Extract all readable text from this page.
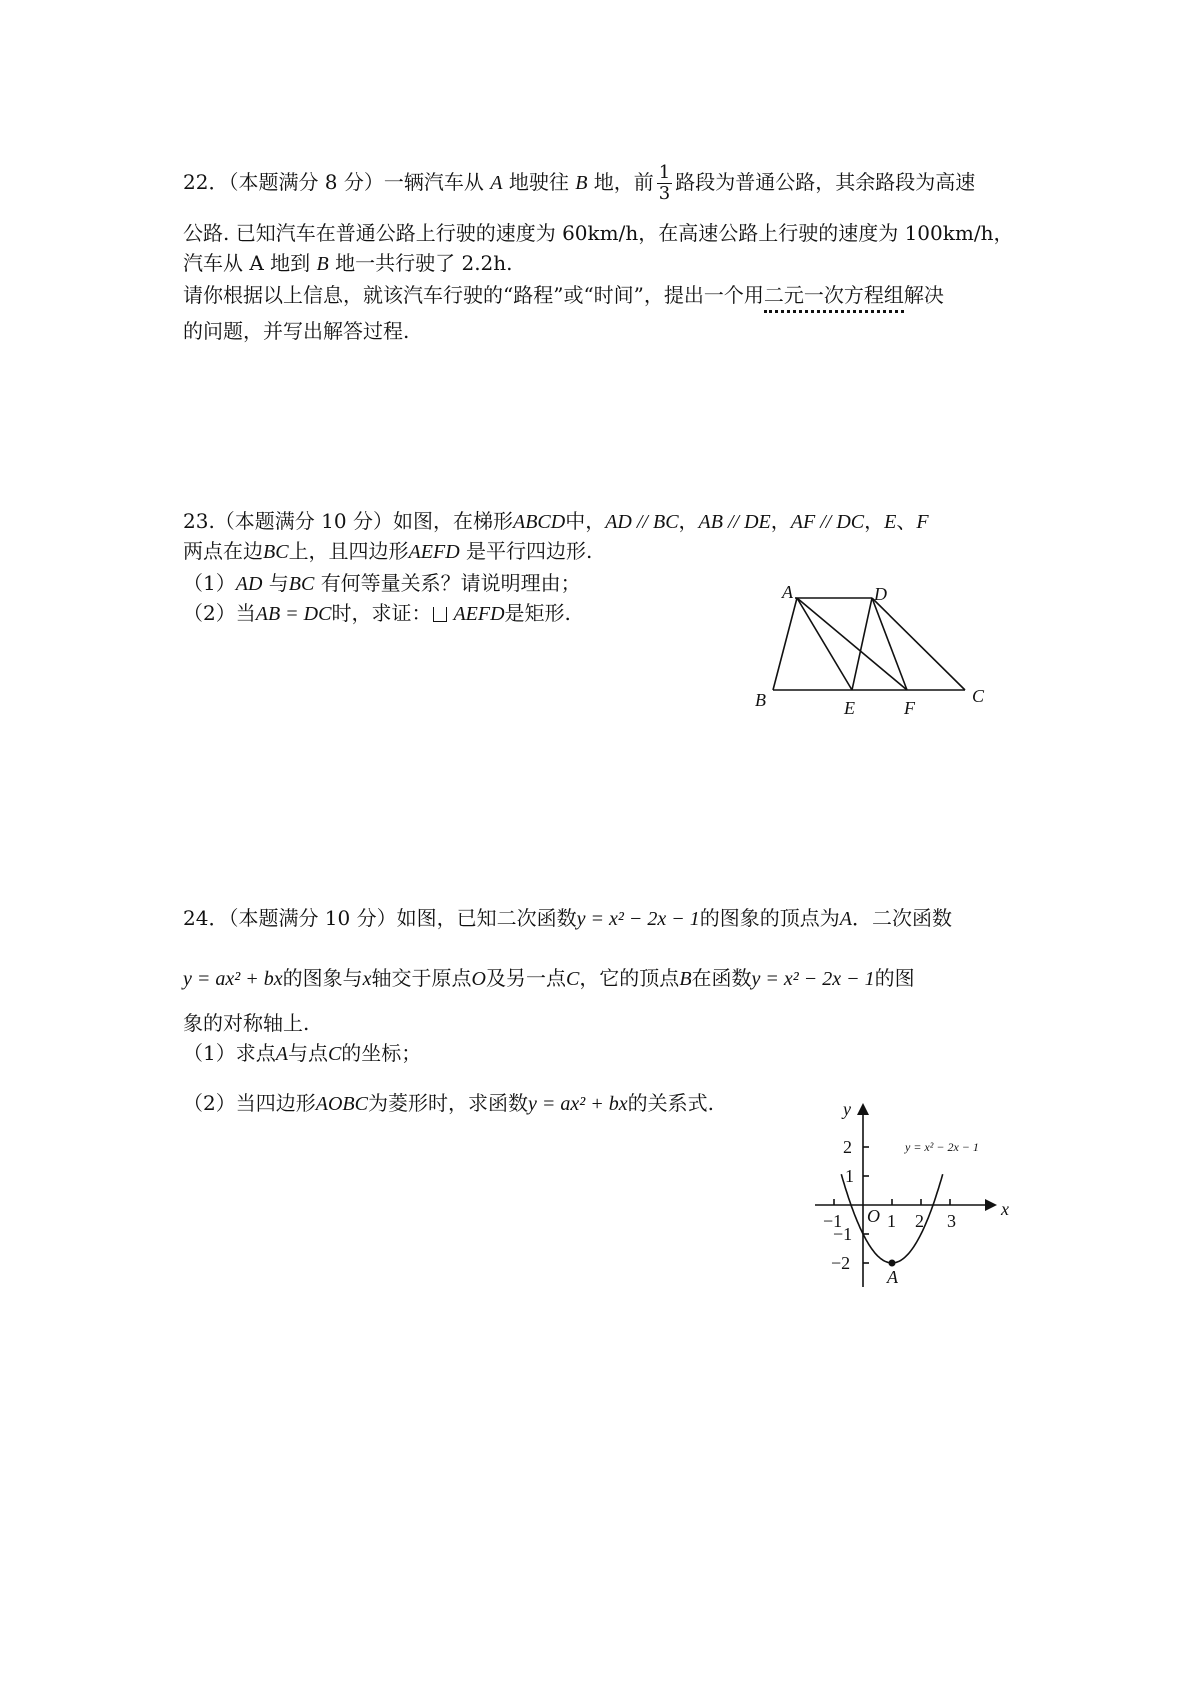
22．（本题满分 8 分）一辆汽车从 A 地驶往 B 地，前 $\frac{1}{3}$ 路段为普通公路，其余路段为高速
公路. 已知汽车在普通公路上行驶的速度为 60km/h，在高速公路上行驶的速度为 100km/h，
汽车从 A 地到 B 地一共行驶了 2.2h.
请你根据以上信息，就该汽车行驶的“路程”或“时间”，提出一个用二元一次方程组解决
的问题，并写出解答过程.
23.（本题满分 10 分）如图，在梯形ABCD中，AD // BC，AB // DE，AF // DC，E、F
两点在边BC上，且四边形AEFD 是平行四边形.
（1）AD 与BC 有何等量关系？请说明理由；
（2）当AB = DC时，求证： AEFD是矩形.
A	D
B	E	F
C
24．（本题满分 10 分）如图，已知二次函数y = x² − 2x − 1的图象的顶点为A．二次函数
y = ax² + bx的图象与x轴交于原点O及另一点C，它的顶点B在函数y = x² − 2x − 1的图
象的对称轴上.
（1）求点A与点C的坐标；
（2）当四边形AOBC为菱形时，求函数y = ax² + bx的关系式.	y
x
y = x² − 2x − 1
O
A
2
1
−1
−2
−1 1 2 3
